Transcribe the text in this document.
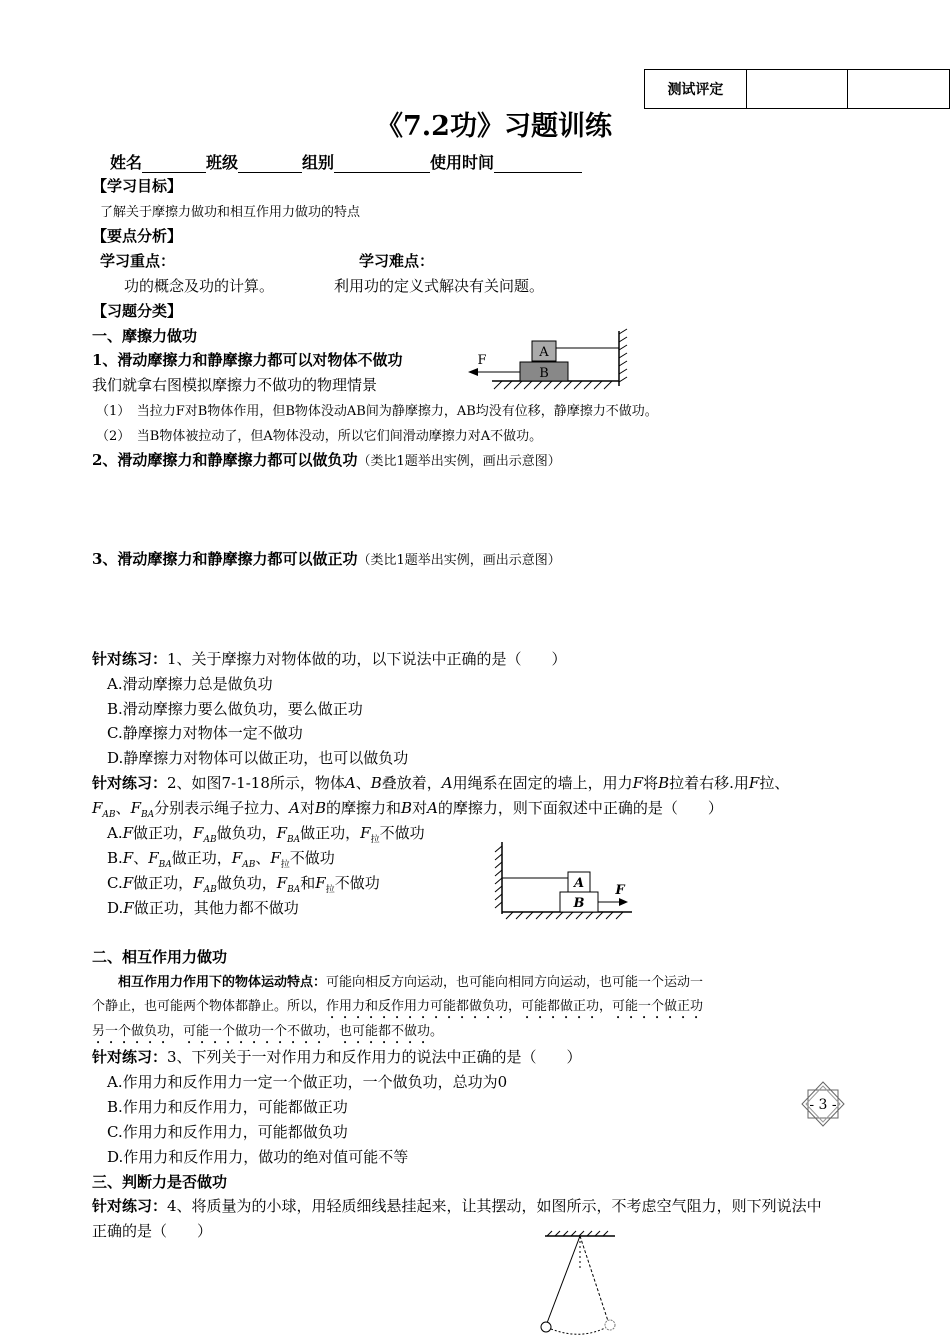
测试评定		
《7.2功》习题训练
姓名	班级	组别	使用时间
【学习目标】
了解关于摩擦力做功和相互作用力做功的特点
【要点分析】
学习重点：	学习难点：
功的概念及功的计算。	利用功的定义式解决有关问题。
【习题分类】
一、摩擦力做功
1、滑动摩擦力和静摩擦力都可以对物体不做功
我们就拿右图模拟摩擦力不做功的物理情景
A
B
F
（1）　当拉力F对B物体作用，但B物体没动AB间为静摩擦力，AB均没有位移，静摩擦力不做功。
（2）　当B物体被拉动了，但A物体没动，所以它们间滑动摩擦力对A不做功。
2、滑动摩擦力和静摩擦力都可以做负功（类比1题举出实例，画出示意图）
3、滑动摩擦力和静摩擦力都可以做正功（类比1题举出实例，画出示意图）
针对练习：1、关于摩擦力对物体做的功，以下说法中正确的是（　　）
A.滑动摩擦力总是做负功
B.滑动摩擦力要么做负功，要么做正功
C.静摩擦力对物体一定不做功
D.静摩擦力对物体可以做正功，也可以做负功
针对练习：2、如图7-1-18所示，物体A、B叠放着，A用绳系在固定的墙上，用力F将B拉着右移.用F拉、
$F_{AB}$、$F_{BA}$分别表示绳子拉力、A对B的摩擦力和B对A的摩擦力，则下面叙述中正确的是（　　）
A.F做正功，$F_{AB}$做负功，$F_{BA}$做正功，$F_拉$不做功
B.F、$F_{BA}$做正功，$F_{AB}$、$F_拉$不做功
C.F做正功，$F_{AB}$做负功，$F_{BA}$和$F_拉$不做功
D.F做正功，其他力都不做功
A
B
F
二、相互作用力做功
相互作用力作用下的物体运动特点：可能向相反方向运动，也可能向相同方向运动，也可能一个运动一
个静止，也可能两个物体都静止。所以，作用力和反作用力可能都做负功，可能都做正功，可能一个做正功
另一个做负功，可能一个做功一个不做功，也可能都不做功。
针对练习：3、下列关于一对作用力和反作用力的说法中正确的是（　　）
A.作用力和反作用力一定一个做正功，一个做负功，总功为0
B.作用力和反作用力，可能都做正功
C.作用力和反作用力，可能都做负功
D.作用力和反作用力，做功的绝对值可能不等
- 3 -
三、判断力是否做功
针对练习：4、将质量为的小球，用轻质细线悬挂起来，让其摆动，如图所示，不考虑空气阻力，则下列说法中
正确的是（　　）
